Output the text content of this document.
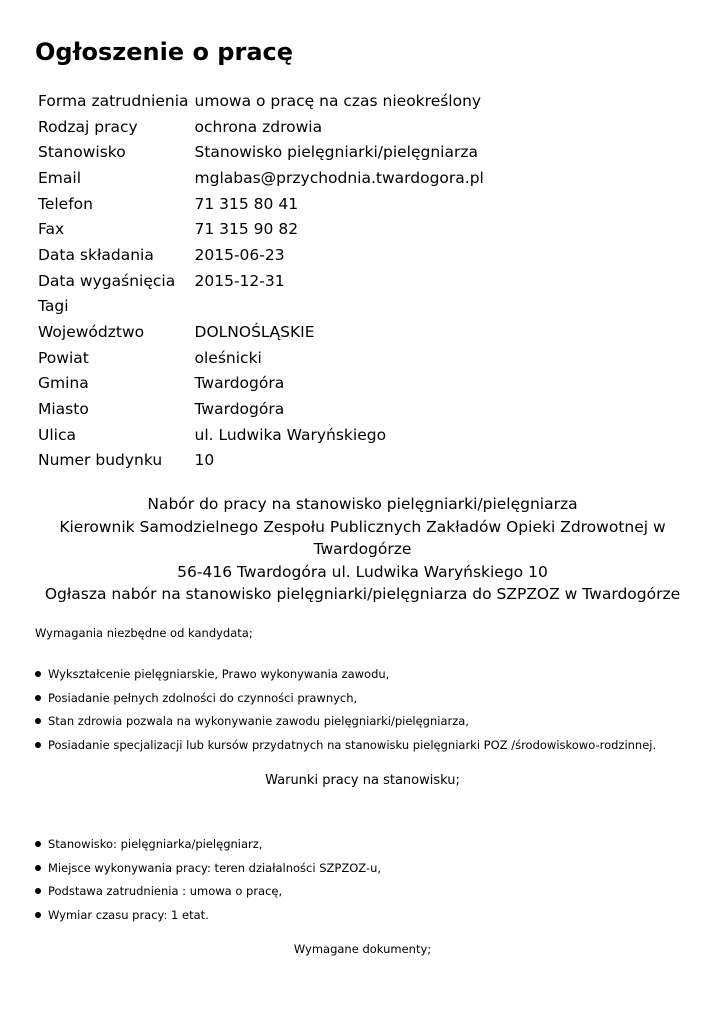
Ogłoszenie o pracę
Forma zatrudnienia	umowa o pracę na czas nieokreślony
Rodzaj pracy	ochrona zdrowia
Stanowisko	Stanowisko pielęgniarki/pielęgniarza
Email	mglabas@przychodnia.twardogora.pl
Telefon	71 315 80 41
Fax	71 315 90 82
Data składania	2015-06-23
Data wygaśnięcia	2015-12-31
Tagi	
Województwo	DOLNOŚLĄSKIE
Powiat	oleśnicki
Gmina	Twardogóra
Miasto	Twardogóra
Ulica	ul. Ludwika Waryńskiego
Numer budynku	10
Nabór do pracy na stanowisko pielęgniarki/pielęgniarza
Kierownik Samodzielnego Zespołu Publicznych Zakładów Opieki Zdrowotnej w Twardogórze
56-416 Twardogóra ul. Ludwika Waryńskiego 10
Ogłasza nabór na stanowisko pielęgniarki/pielęgniarza do SZPZOZ w Twardogórze
Wymagania niezbędne od kandydata;
Wykształcenie pielęgniarskie, Prawo wykonywania zawodu,
Posiadanie pełnych zdolności do czynności prawnych,
Stan zdrowia pozwala na wykonywanie zawodu pielęgniarki/pielęgniarza,
Posiadanie specjalizacji lub kursów przydatnych na stanowisku pielęgniarki POZ /środowiskowo-rodzinnej.
Warunki pracy na stanowisku;
Stanowisko: pielęgniarka/pielęgniarz,
Miejsce wykonywania pracy: teren działalności SZPZOZ-u,
Podstawa zatrudnienia : umowa o pracę,
Wymiar czasu pracy: 1 etat.
Wymagane dokumenty;
